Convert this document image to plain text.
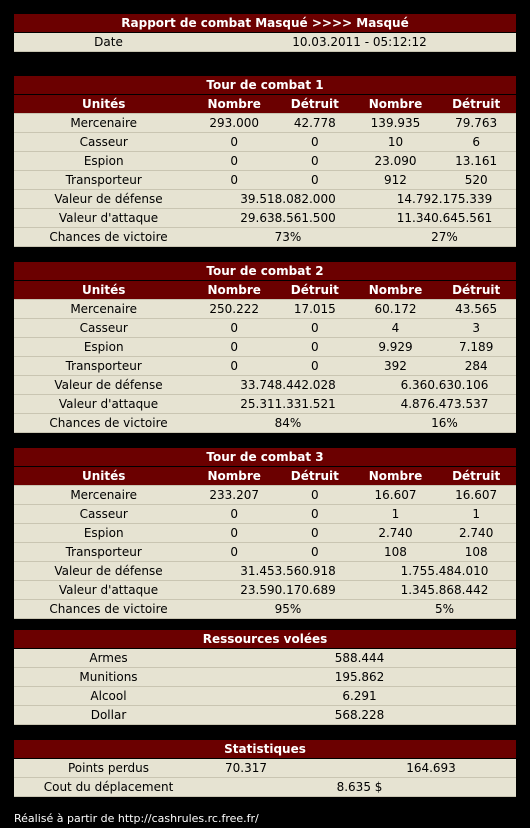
Rapport de combat Masqué >>>> Masqué
Date	10.03.2011 - 05:12:12
Tour de combat 1
Unités	Nombre	Détruit	Nombre	Détruit
Mercenaire	293.000	42.778	139.935	79.763
Casseur	0	0	10	6
Espion	0	0	23.090	13.161
Transporteur	0	0	912	520
Valeur de défense	39.518.082.000	14.792.175.339
Valeur d'attaque	29.638.561.500	11.340.645.561
Chances de victoire	73%	27%
Tour de combat 2
Unités	Nombre	Détruit	Nombre	Détruit
Mercenaire	250.222	17.015	60.172	43.565
Casseur	0	0	4	3
Espion	0	0	9.929	7.189
Transporteur	0	0	392	284
Valeur de défense	33.748.442.028	6.360.630.106
Valeur d'attaque	25.311.331.521	4.876.473.537
Chances de victoire	84%	16%
Tour de combat 3
Unités	Nombre	Détruit	Nombre	Détruit
Mercenaire	233.207	0	16.607	16.607
Casseur	0	0	1	1
Espion	0	0	2.740	2.740
Transporteur	0	0	108	108
Valeur de défense	31.453.560.918	1.755.484.010
Valeur d'attaque	23.590.170.689	1.345.868.442
Chances de victoire	95%	5%
Ressources volées
Armes	588.444
Munitions	195.862
Alcool	6.291
Dollar	568.228
Statistiques
Points perdus	70.317	164.693
Cout du déplacement	8.635 $
Réalisé à partir de http://cashrules.rc.free.fr/
